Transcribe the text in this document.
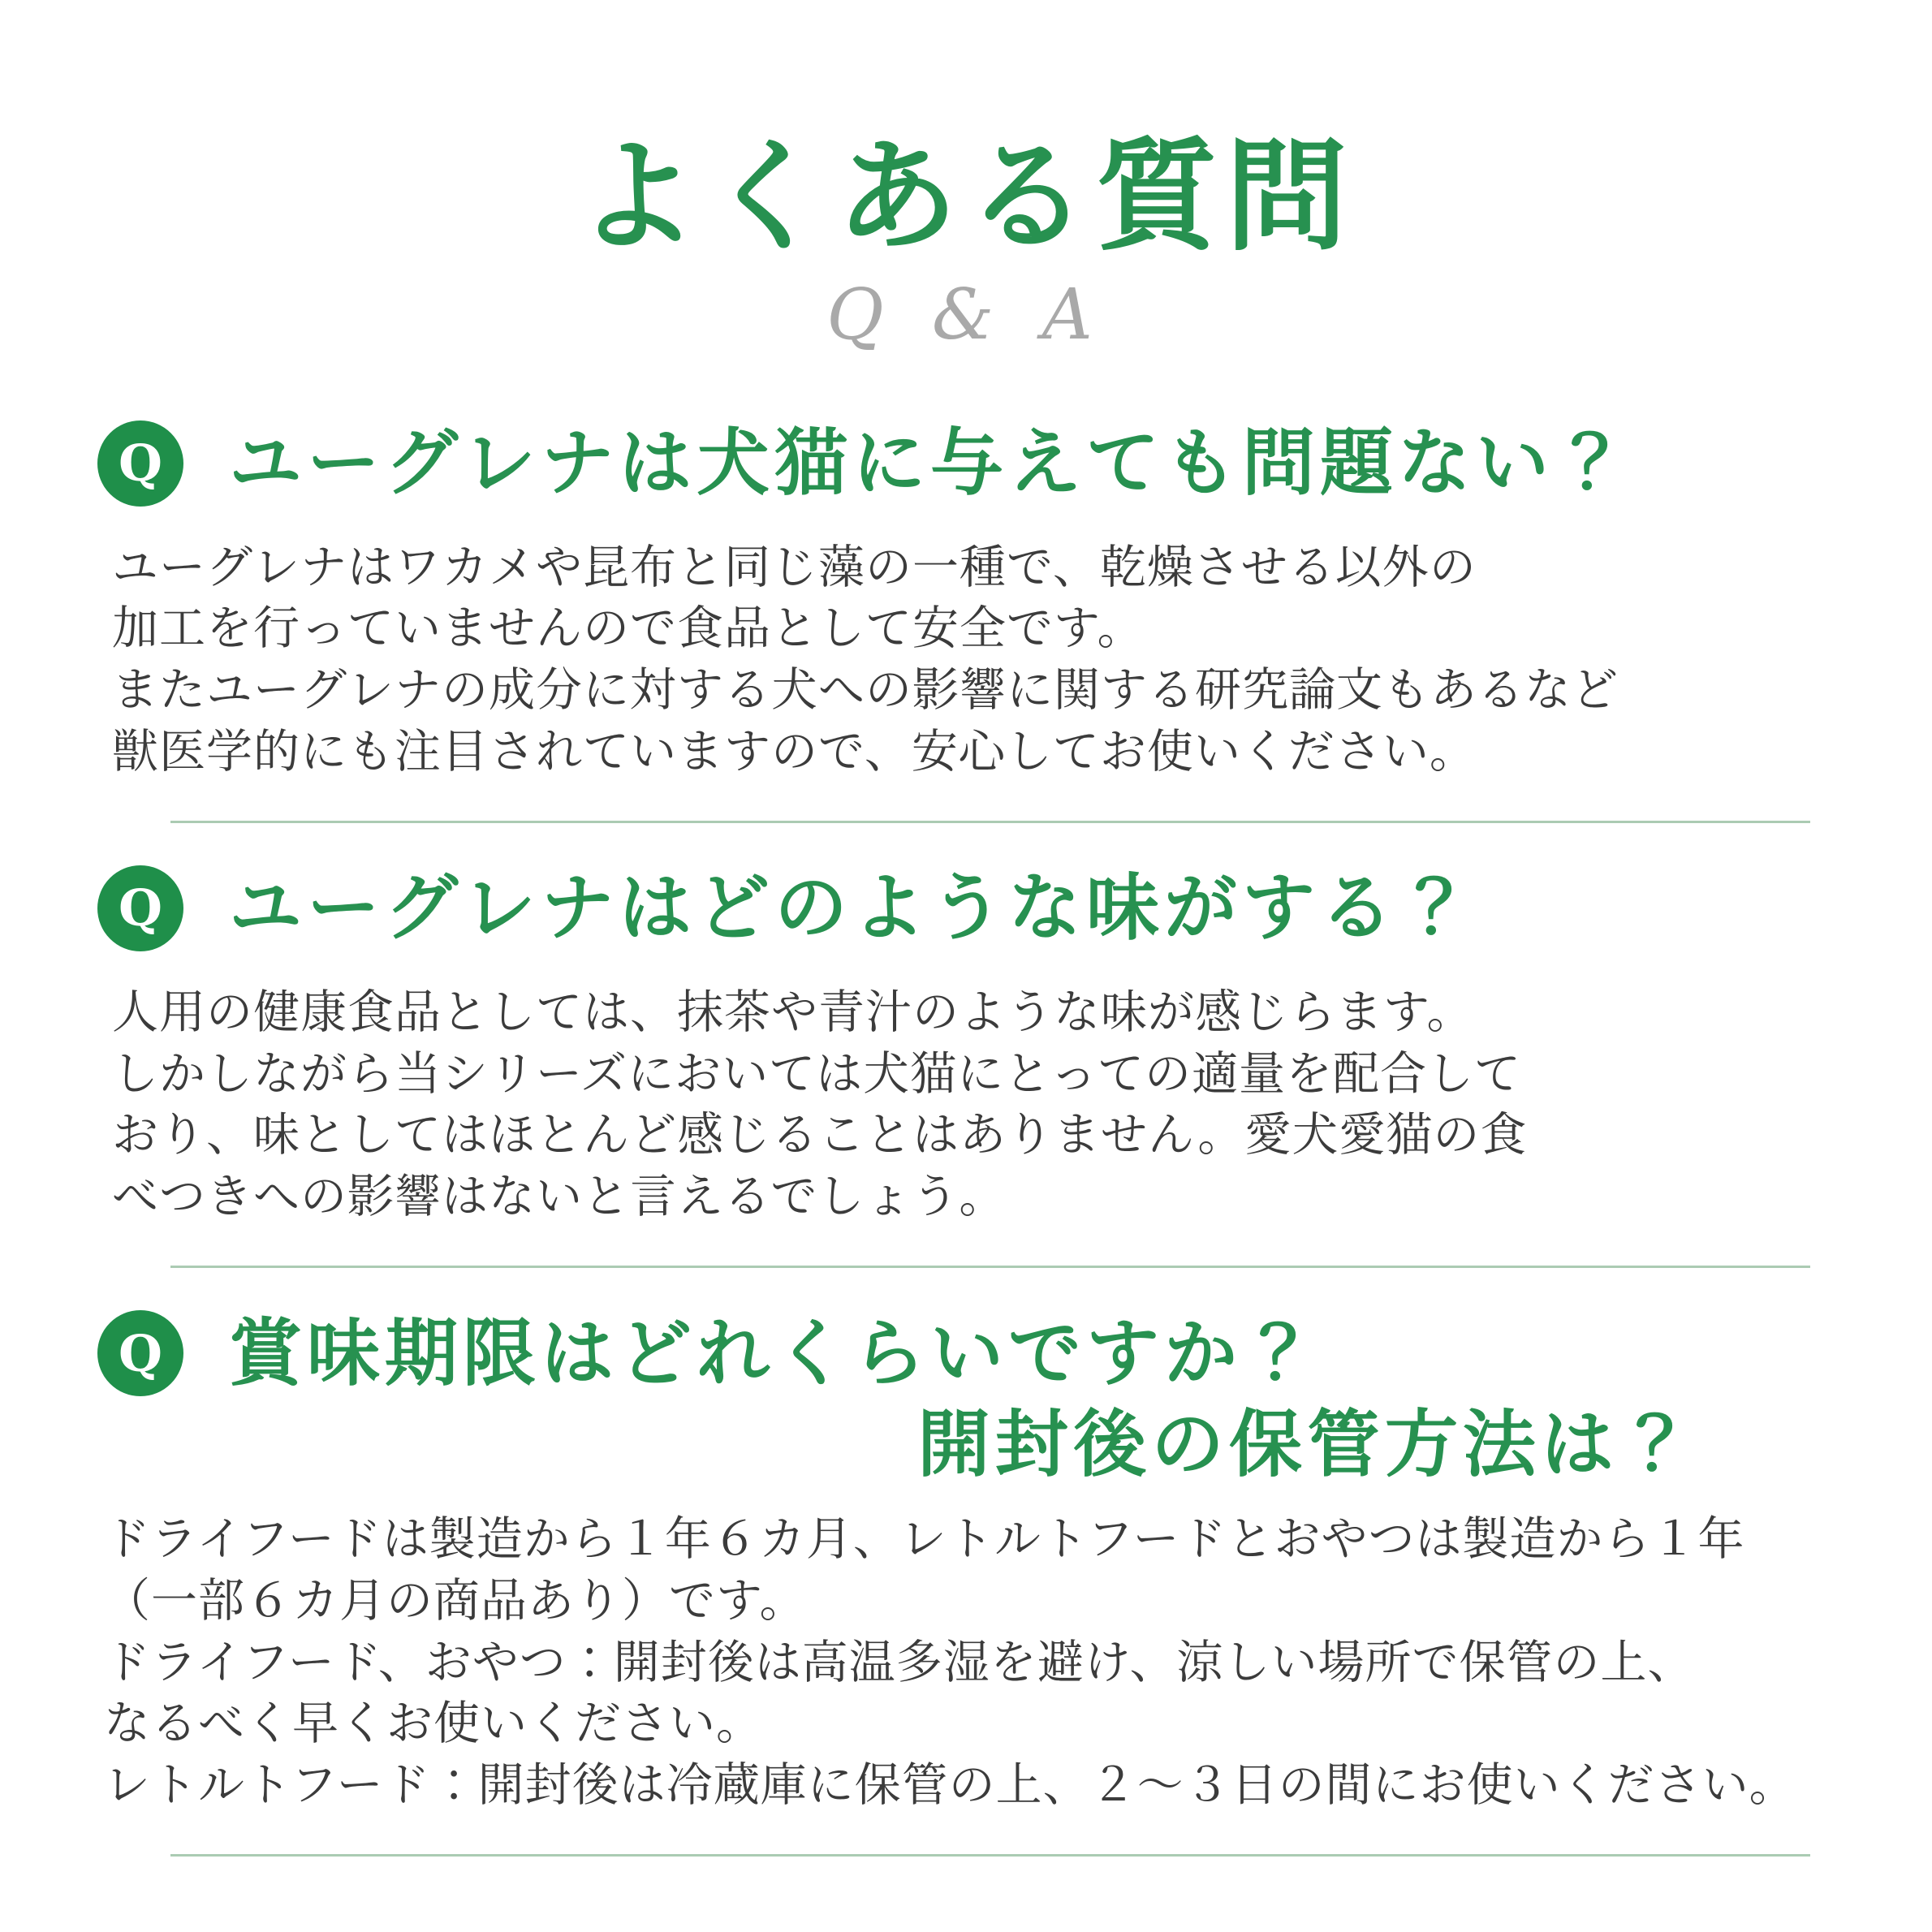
よくある質問
Q & A
Q ユーグレナは犬猫に与えても問題ない？
ユーグレナはワカメや昆布と同じ藻の一種で、乾燥させる以外の
加工を行っていませんので食品として安全です。
またユーグレナの成分に対する犬への影響に関する研究論文もあるなど
獣医学的にも注目されていますので、安心してお使いください。
Q ユーグレナはどのような味がする？
人用の健康食品としては、抹茶や青汁のような味が感じらます。
しかしながら当シリーズにおいては犬猫にとっての適量を配合して
おり、味としてはほとんど感じることはありません。愛犬愛猫の食
べつきへの影響はないと言えるでしょう。
Q 賞味期限はどれくらいですか？
開封後の保管方法は？
ドライフードは製造から１年６カ月、レトルトフードとおやつは製造から１年
（一部６カ月の商品あり）です。
ドライフード、おやつ：開封後は高温多湿を避け、涼しい場所で保管の上、
なるべく早くお使いください。
レトルトフード：開封後は冷蔵庫に保管の上、２～３日の間にお使いください。
